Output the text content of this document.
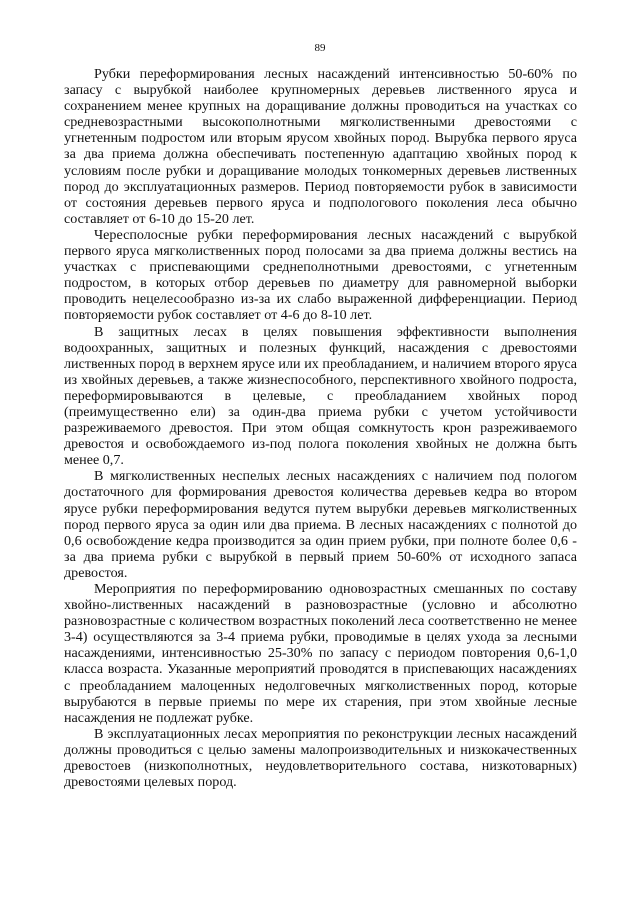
89

Рубки переформирования лесных насаждений интенсивностью 50-60% по запасу с вырубкой наиболее крупномерных деревьев лиственного яруса и сохранением менее крупных на доращивание должны проводиться на участках со средневозрастными высокополнотными мягколиственными древостоями с угнетенным подростом или вторым ярусом хвойных пород. Вырубка первого яруса за два приема должна обеспечивать постепенную адаптацию хвойных пород к условиям после рубки и доращивание молодых тонкомерных деревьев лиственных пород до эксплуатационных размеров. Период повторяемости рубок в зависимости от состояния деревьев первого яруса и подпологового поколения леса обычно составляет от 6-10 до 15-20 лет.

Чересполосные рубки переформирования лесных насаждений с вырубкой первого яруса мягколиственных пород полосами за два приема должны вестись на участках с приспевающими среднеполнотными древостоями, с угнетенным подростом, в которых отбор деревьев по диаметру для равномерной выборки проводить нецелесообразно из-за их слабо выраженной дифференциации. Период повторяемости рубок составляет от 4-6 до 8-10 лет.

В защитных лесах в целях повышения эффективности выполнения водоохранных, защитных и полезных функций, насаждения с древостоями лиственных пород в верхнем ярусе или их преобладанием, и наличием второго яруса из хвойных деревьев, а также жизнеспособного, перспективного хвойного подроста, переформировываются в целевые, с преобладанием хвойных пород (преимущественно ели) за один-два приема рубки с учетом устойчивости разреживаемого древостоя. При этом общая сомкнутость крон разреживаемого древостоя и освобождаемого из-под полога поколения хвойных не должна быть менее 0,7.

В мягколиственных неспелых лесных насаждениях с наличием под пологом достаточного для формирования древостоя количества деревьев кедра во втором ярусе рубки переформирования ведутся путем вырубки деревьев мягколиственных пород первого яруса за один или два приема. В лесных насаждениях с полнотой до 0,6 освобождение кедра производится за один прием рубки, при полноте более 0,6 - за два приема рубки с вырубкой в первый прием 50-60% от исходного запаса древостоя.

Мероприятия по переформированию одновозрастных смешанных по составу хвойно-лиственных насаждений в разновозрастные (условно и абсолютно разновозрастные с количеством возрастных поколений леса соответственно не менее 3-4) осуществляются за 3-4 приема рубки, проводимые в целях ухода за лесными насаждениями, интенсивностью 25-30% по запасу с периодом повторения 0,6-1,0 класса возраста. Указанные мероприятий проводятся в приспевающих насаждениях с преобладанием малоценных недолговечных мягколиственных пород, которые вырубаются в первые приемы по мере их старения, при этом хвойные лесные насаждения не подлежат рубке.

В эксплуатационных лесах мероприятия по реконструкции лесных насаждений должны проводиться с целью замены малопроизводительных и низкокачественных древостоев (низкополнотных, неудовлетворительного состава, низкотоварных) древостоями целевых пород.
